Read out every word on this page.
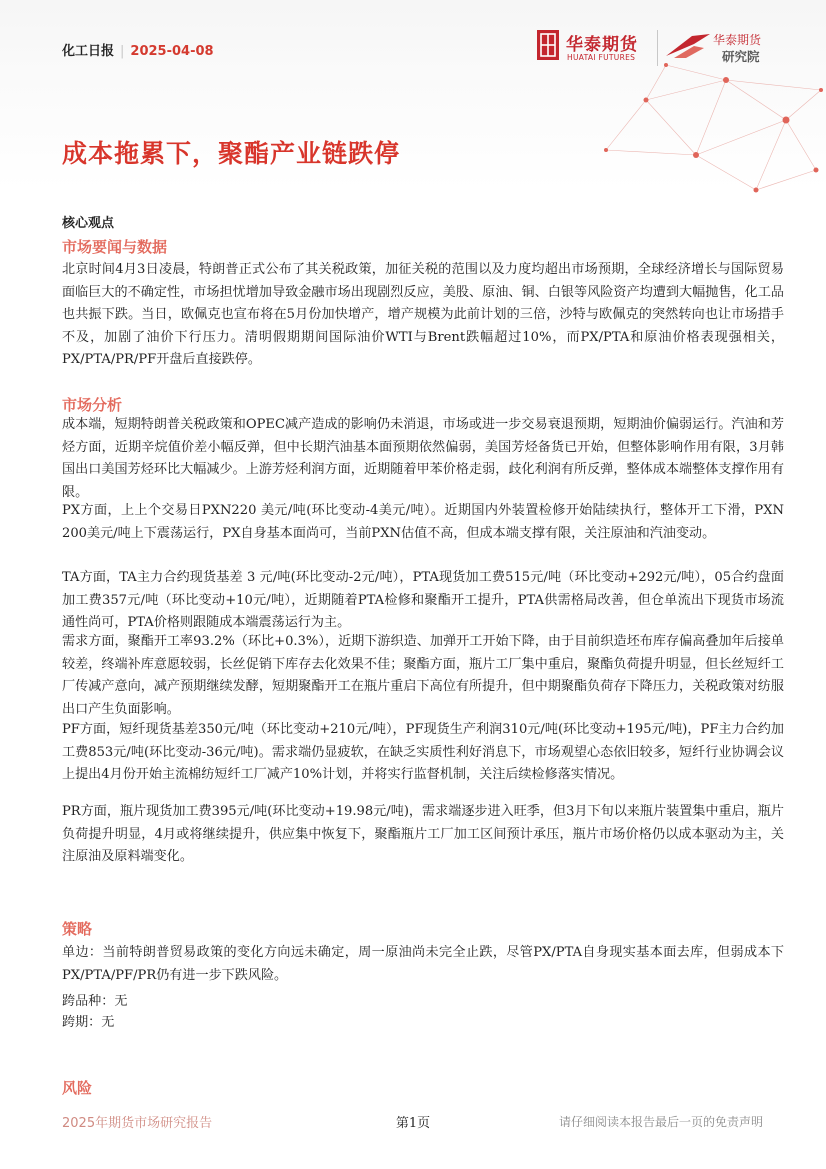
化工日报 | 2025-04-08	华泰期货
HUATAI FUTURES
华泰期货
研究院
成本拖累下，聚酯产业链跌停
核心观点
市场要闻与数据

北京时间4月3日凌晨，特朗普正式公布了其关税政策，加征关税的范围以及力度均超出市场预期，全球经济增长与国际贸易面临巨大的不确定性，市场担忧增加导致金融市场出现剧烈反应，美股、原油、铜、白银等风险资产均遭到大幅抛售，化工品也共振下跌。当日，欧佩克也宣布将在5月份加快增产，增产规模为此前计划的三倍，沙特与欧佩克的突然转向也让市场措手不及，加剧了油价下行压力。清明假期期间国际油价WTI与Brent跌幅超过10%，而PX/PTA和原油价格表现强相关，PX/PTA/PR/PF开盘后直接跌停。

市场分析

成本端，短期特朗普关税政策和OPEC减产造成的影响仍未消退，市场或进一步交易衰退预期，短期油价偏弱运行。汽油和芳烃方面，近期辛烷值价差小幅反弹，但中长期汽油基本面预期依然偏弱，美国芳烃备货已开始，但整体影响作用有限，3月韩国出口美国芳烃环比大幅减少。上游芳烃利润方面，近期随着甲苯价格走弱，歧化利润有所反弹，整体成本端整体支撑作用有限。

PX方面，上上个交易日PXN220 美元/吨(环比变动-4美元/吨）。近期国内外装置检修开始陆续执行，整体开工下滑，PXN 200美元/吨上下震荡运行，PX自身基本面尚可，当前PXN估值不高，但成本端支撑有限，关注原油和汽油变动。

TA方面，TA主力合约现货基差 3 元/吨(环比变动-2元/吨），PTA现货加工费515元/吨（环比变动+292元/吨），05合约盘面加工费357元/吨（环比变动+10元/吨），近期随着PTA检修和聚酯开工提升，PTA供需格局改善，但仓单流出下现货市场流通性尚可，PTA价格则跟随成本端震荡运行为主。

需求方面，聚酯开工率93.2%（环比+0.3%），近期下游织造、加弹开工开始下降，由于目前织造坯布库存偏高叠加年后接单较差，终端补库意愿较弱，长丝促销下库存去化效果不佳；聚酯方面，瓶片工厂集中重启，聚酯负荷提升明显，但长丝短纤工厂传减产意向，减产预期继续发酵，短期聚酯开工在瓶片重启下高位有所提升，但中期聚酯负荷存下降压力，关税政策对纺服出口产生负面影响。

PF方面，短纤现货基差350元/吨（环比变动+210元/吨），PF现货生产利润310元/吨(环比变动+195元/吨)，PF主力合约加工费853元/吨(环比变动-36元/吨)。需求端仍显疲软，在缺乏实质性利好消息下，市场观望心态依旧较多，短纤行业协调会议上提出4月份开始主流棉纺短纤工厂减产10%计划，并将实行监督机制，关注后续检修落实情况。

PR方面，瓶片现货加工费395元/吨(环比变动+19.98元/吨)，需求端逐步进入旺季，但3月下旬以来瓶片装置集中重启，瓶片负荷提升明显，4月或将继续提升，供应集中恢复下，聚酯瓶片工厂加工区间预计承压，瓶片市场价格仍以成本驱动为主，关注原油及原料端变化。

策略

单边：当前特朗普贸易政策的变化方向远未确定，周一原油尚未完全止跌，尽管PX/PTA自身现实基本面去库，但弱成本下PX/PTA/PF/PR仍有进一步下跌风险。

跨品种：无
跨期：无
风险
2025年期货市场研究报告	第1页	请仔细阅读本报告最后一页的免责声明
